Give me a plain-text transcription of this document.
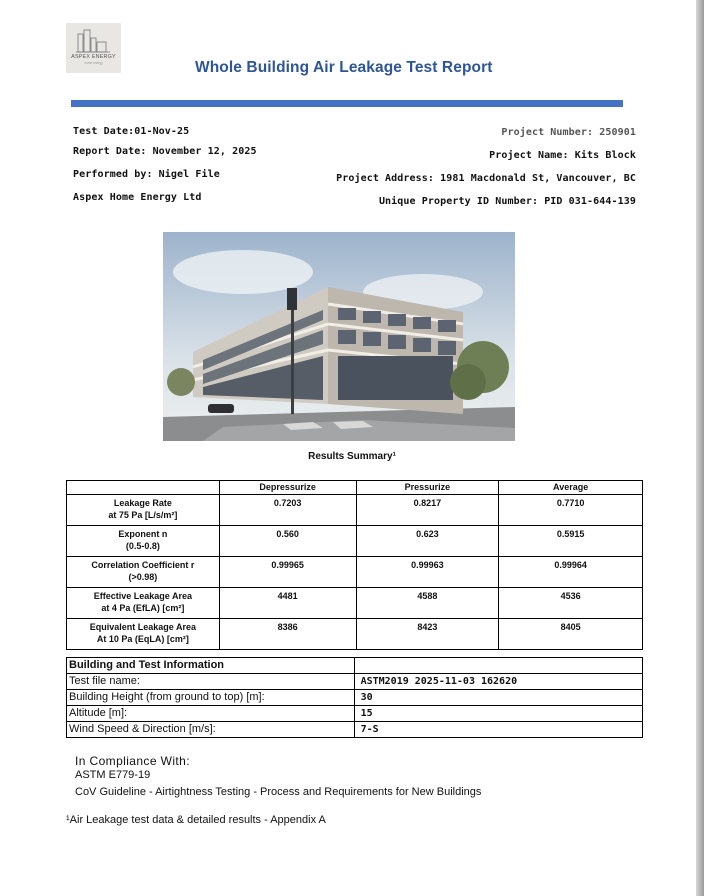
ASPEX ENERGY
home energy	Whole Building Air Leakage Test Report
Test Date:01-Nov-25
Report Date: November 12, 2025
Performed by: Nigel File
Aspex Home Energy Ltd
Project Number: 250901
Project Name: Kits Block
Project Address: 1981 Macdonald St, Vancouver, BC
Unique Property ID Number: PID 031-644-139
Results Summary¹
	Depressurize	Pressurize	Average
Leakage Rate
at 75 Pa [L/s/m²]	0.7203	0.8217	0.7710
Exponent n
(0.5-0.8)	0.560	0.623	0.5915
Correlation Coefficient r
(>0.98)	0.99965	0.99963	0.99964
Effective Leakage Area
at 4 Pa (EfLA) [cm²]	4481	4588	4536
Equivalent Leakage Area
At 10 Pa (EqLA) [cm²]	8386	8423	8405
Building and Test Information	
Test file name:	ASTM2019 2025-11-03 162620
Building Height (from ground to top) [m]:	30
Altitude [m]:	15
Wind Speed & Direction [m/s]:	7-S
In Compliance With:
ASTM E779-19
CoV Guideline - Airtightness Testing - Process and Requirements for New Buildings
¹Air Leakage test data & detailed results - Appendix A
